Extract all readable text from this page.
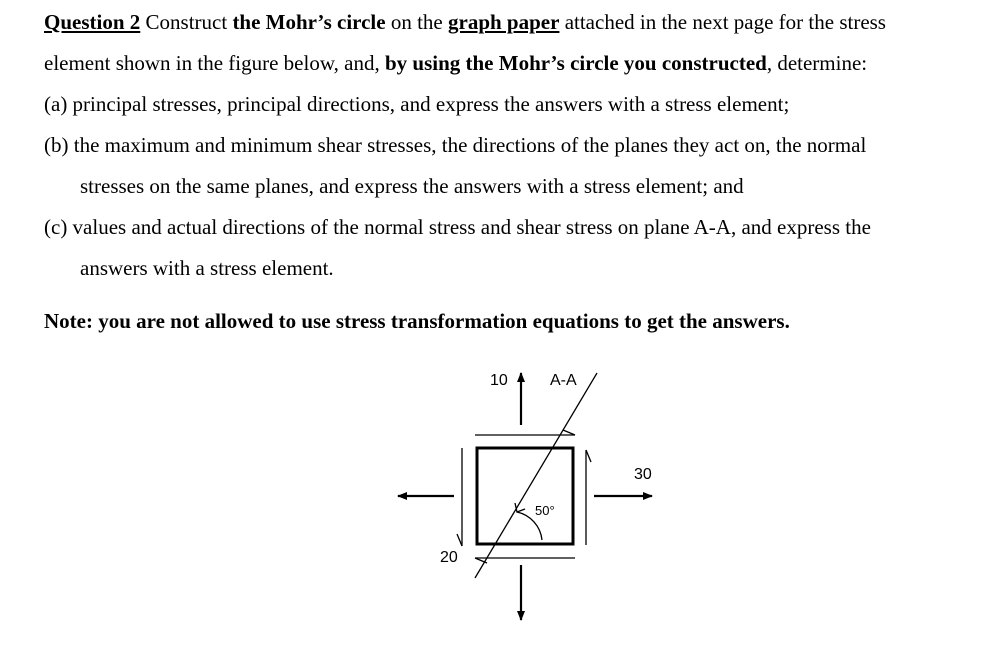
Question 2 Construct the Mohr’s circle on the graph paper attached in the next page for the stress
element shown in the figure below, and, by using the Mohr’s circle you constructed, determine:
(a) principal stresses, principal directions, and express the answers with a stress element;
(b) the maximum and minimum shear stresses, the directions of the planes they act on, the normal
stresses on the same planes, and express the answers with a stress element; and
(c) values and actual directions of the normal stress and shear stress on plane A-A, and express the
answers with a stress element.
Note: you are not allowed to use stress transformation equations to get the answers.
10	A-A
30
20
50°
